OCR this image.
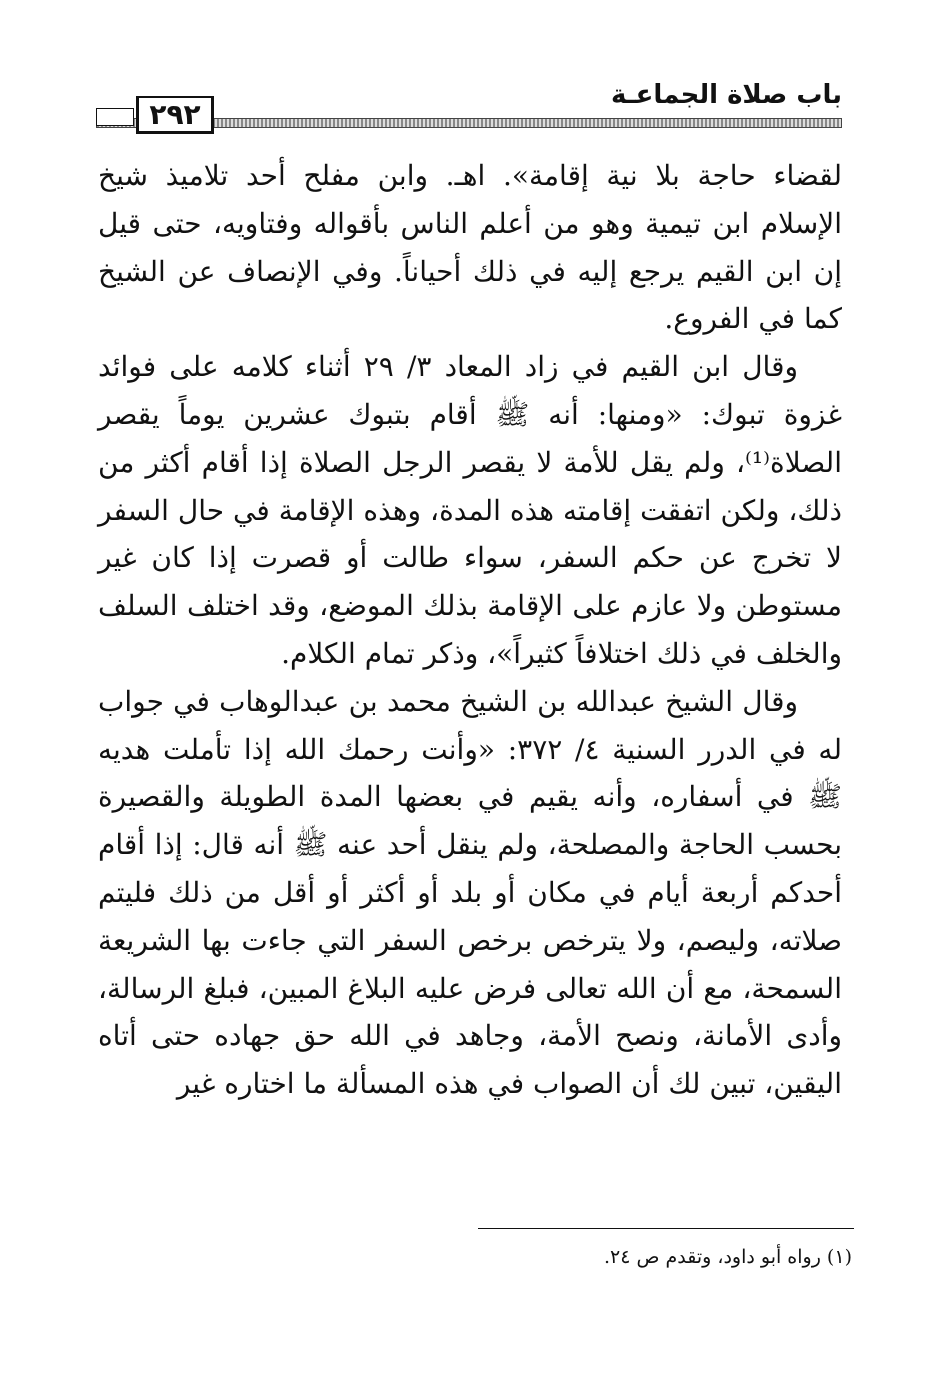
٢٩٢
باب صلاة الجماعـة

لقضاء حاجة بلا نية إقامة». اهـ. وابن مفلح أحد تلاميذ شيخ الإسلام ابن تيمية وهو من أعلم الناس بأقواله وفتاويه، حتى قيل إن ابن القيم يرجع إليه في ذلك أحياناً. وفي الإنصاف عن الشيخ كما في الفروع.

وقال ابن القيم في زاد المعاد ٣/ ٢٩ أثناء كلامه على فوائد غزوة تبوك: «ومنها: أنه ﷺ أقام بتبوك عشرين يوماً يقصر الصلاة⁽¹⁾، ولم يقل للأمة لا يقصر الرجل الصلاة إذا أقام أكثر من ذلك، ولكن اتفقت إقامته هذه المدة، وهذه الإقامة في حال السفر لا تخرج عن حكم السفر، سواء طالت أو قصرت إذا كان غير مستوطن ولا عازم على الإقامة بذلك الموضع، وقد اختلف السلف والخلف في ذلك اختلافاً كثيراً»، وذكر تمام الكلام.

وقال الشيخ عبدالله بن الشيخ محمد بن عبدالوهاب في جواب له في الدرر السنية ٤/ ٣٧٢: «وأنت رحمك الله إذا تأملت هديه ﷺ في أسفاره، وأنه يقيم في بعضها المدة الطويلة والقصيرة بحسب الحاجة والمصلحة، ولم ينقل أحد عنه ﷺ أنه قال: إذا أقام أحدكم أربعة أيام في مكان أو بلد أو أكثر أو أقل من ذلك فليتم صلاته، وليصم، ولا يترخص برخص السفر التي جاءت بها الشريعة السمحة، مع أن الله تعالى فرض عليه البلاغ المبين، فبلغ الرسالة، وأدى الأمانة، ونصح الأمة، وجاهد في الله حق جهاده حتى أتاه اليقين، تبين لك أن الصواب في هذه المسألة ما اختاره غير

(١) رواه أبو داود، وتقدم ص ٢٤.
